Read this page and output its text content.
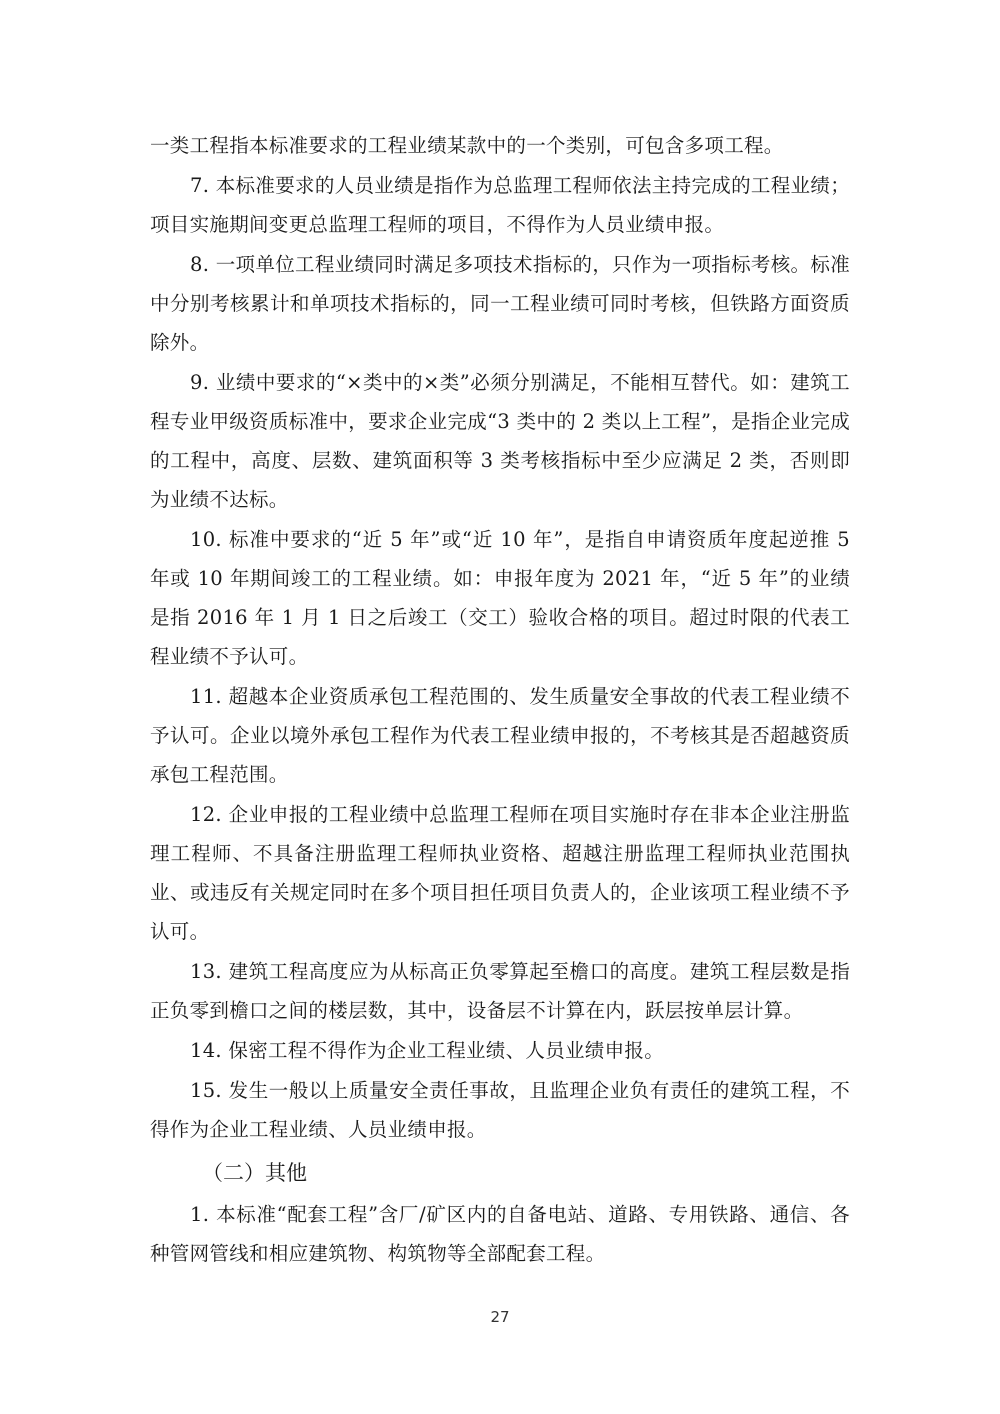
一类工程指本标准要求的工程业绩某款中的一个类别，可包含多项工程。

7. 本标准要求的人员业绩是指作为总监理工程师依法主持完成的工程业绩；项目实施期间变更总监理工程师的项目，不得作为人员业绩申报。

8. 一项单位工程业绩同时满足多项技术指标的，只作为一项指标考核。标准中分别考核累计和单项技术指标的，同一工程业绩可同时考核，但铁路方面资质除外。

9. 业绩中要求的“×类中的×类”必须分别满足，不能相互替代。如：建筑工程专业甲级资质标准中，要求企业完成“3 类中的 2 类以上工程”，是指企业完成的工程中，高度、层数、建筑面积等 3 类考核指标中至少应满足 2 类，否则即为业绩不达标。

10. 标准中要求的“近 5 年”或“近 10 年”，是指自申请资质年度起逆推 5 年或 10 年期间竣工的工程业绩。如：申报年度为 2021 年，“近 5 年”的业绩是指 2016 年 1 月 1 日之后竣工（交工）验收合格的项目。超过时限的代表工程业绩不予认可。

11. 超越本企业资质承包工程范围的、发生质量安全事故的代表工程业绩不予认可。企业以境外承包工程作为代表工程业绩申报的，不考核其是否超越资质承包工程范围。

12. 企业申报的工程业绩中总监理工程师在项目实施时存在非本企业注册监理工程师、不具备注册监理工程师执业资格、超越注册监理工程师执业范围执业、或违反有关规定同时在多个项目担任项目负责人的，企业该项工程业绩不予认可。

13. 建筑工程高度应为从标高正负零算起至檐口的高度。建筑工程层数是指正负零到檐口之间的楼层数，其中，设备层不计算在内，跃层按单层计算。

14. 保密工程不得作为企业工程业绩、人员业绩申报。

15. 发生一般以上质量安全责任事故，且监理企业负有责任的建筑工程，不得作为企业工程业绩、人员业绩申报。

（二）其他

1. 本标准“配套工程”含厂/矿区内的自备电站、道路、专用铁路、通信、各种管网管线和相应建筑物、构筑物等全部配套工程。

27
